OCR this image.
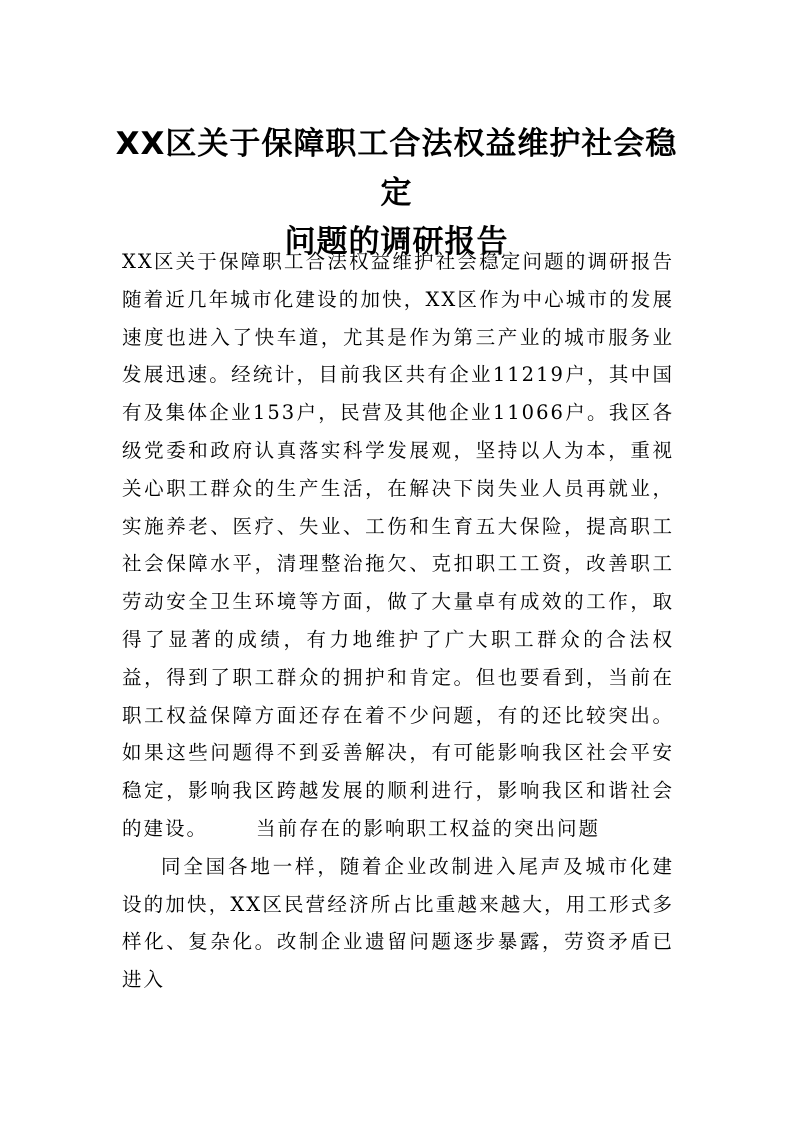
XX区关于保障职工合法权益维护社会稳定
问题的调研报告

XX区关于保障职工合法权益维护社会稳定问题的调研报告随着近几年城市化建设的加快，XX区作为中心城市的发展速度也进入了快车道，尤其是作为第三产业的城市服务业发展迅速。经统计，目前我区共有企业11219户，其中国有及集体企业153户，民营及其他企业11066户。我区各级党委和政府认真落实科学发展观，坚持以人为本，重视关心职工群众的生产生活，在解决下岗失业人员再就业，实施养老、医疗、失业、工伤和生育五大保险，提高职工社会保障水平，清理整治拖欠、克扣职工工资，改善职工劳动安全卫生环境等方面，做了大量卓有成效的工作，取得了显著的成绩，有力地维护了广大职工群众的合法权益，得到了职工群众的拥护和肯定。但也要看到，当前在职工权益保障方面还存在着不少问题，有的还比较突出。如果这些问题得不到妥善解决，有可能影响我区社会平安稳定，影响我区跨越发展的顺利进行，影响我区和谐社会的建设。 当前存在的影响职工权益的突出问题

同全国各地一样，随着企业改制进入尾声及城市化建设的加快，XX区民营经济所占比重越来越大，用工形式多样化、复杂化。改制企业遗留问题逐步暴露，劳资矛盾已进入
